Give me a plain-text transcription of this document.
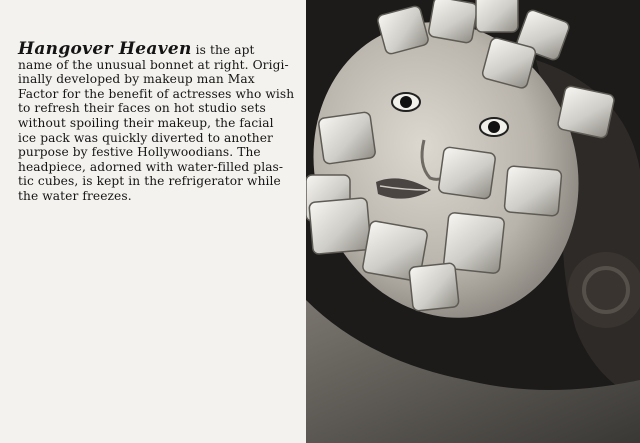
Hangover Heaven is the apt
name of the unusual bonnet at right. Origi-
inally developed by makeup man Max
Factor for the benefit of actresses who wish
to refresh their faces on hot studio sets
without spoiling their makeup, the facial
ice pack was quickly diverted to another
purpose by festive Hollywoodians. The
headpiece, adorned with water-filled plas-
tic cubes, is kept in the refrigerator while
the water freezes.
